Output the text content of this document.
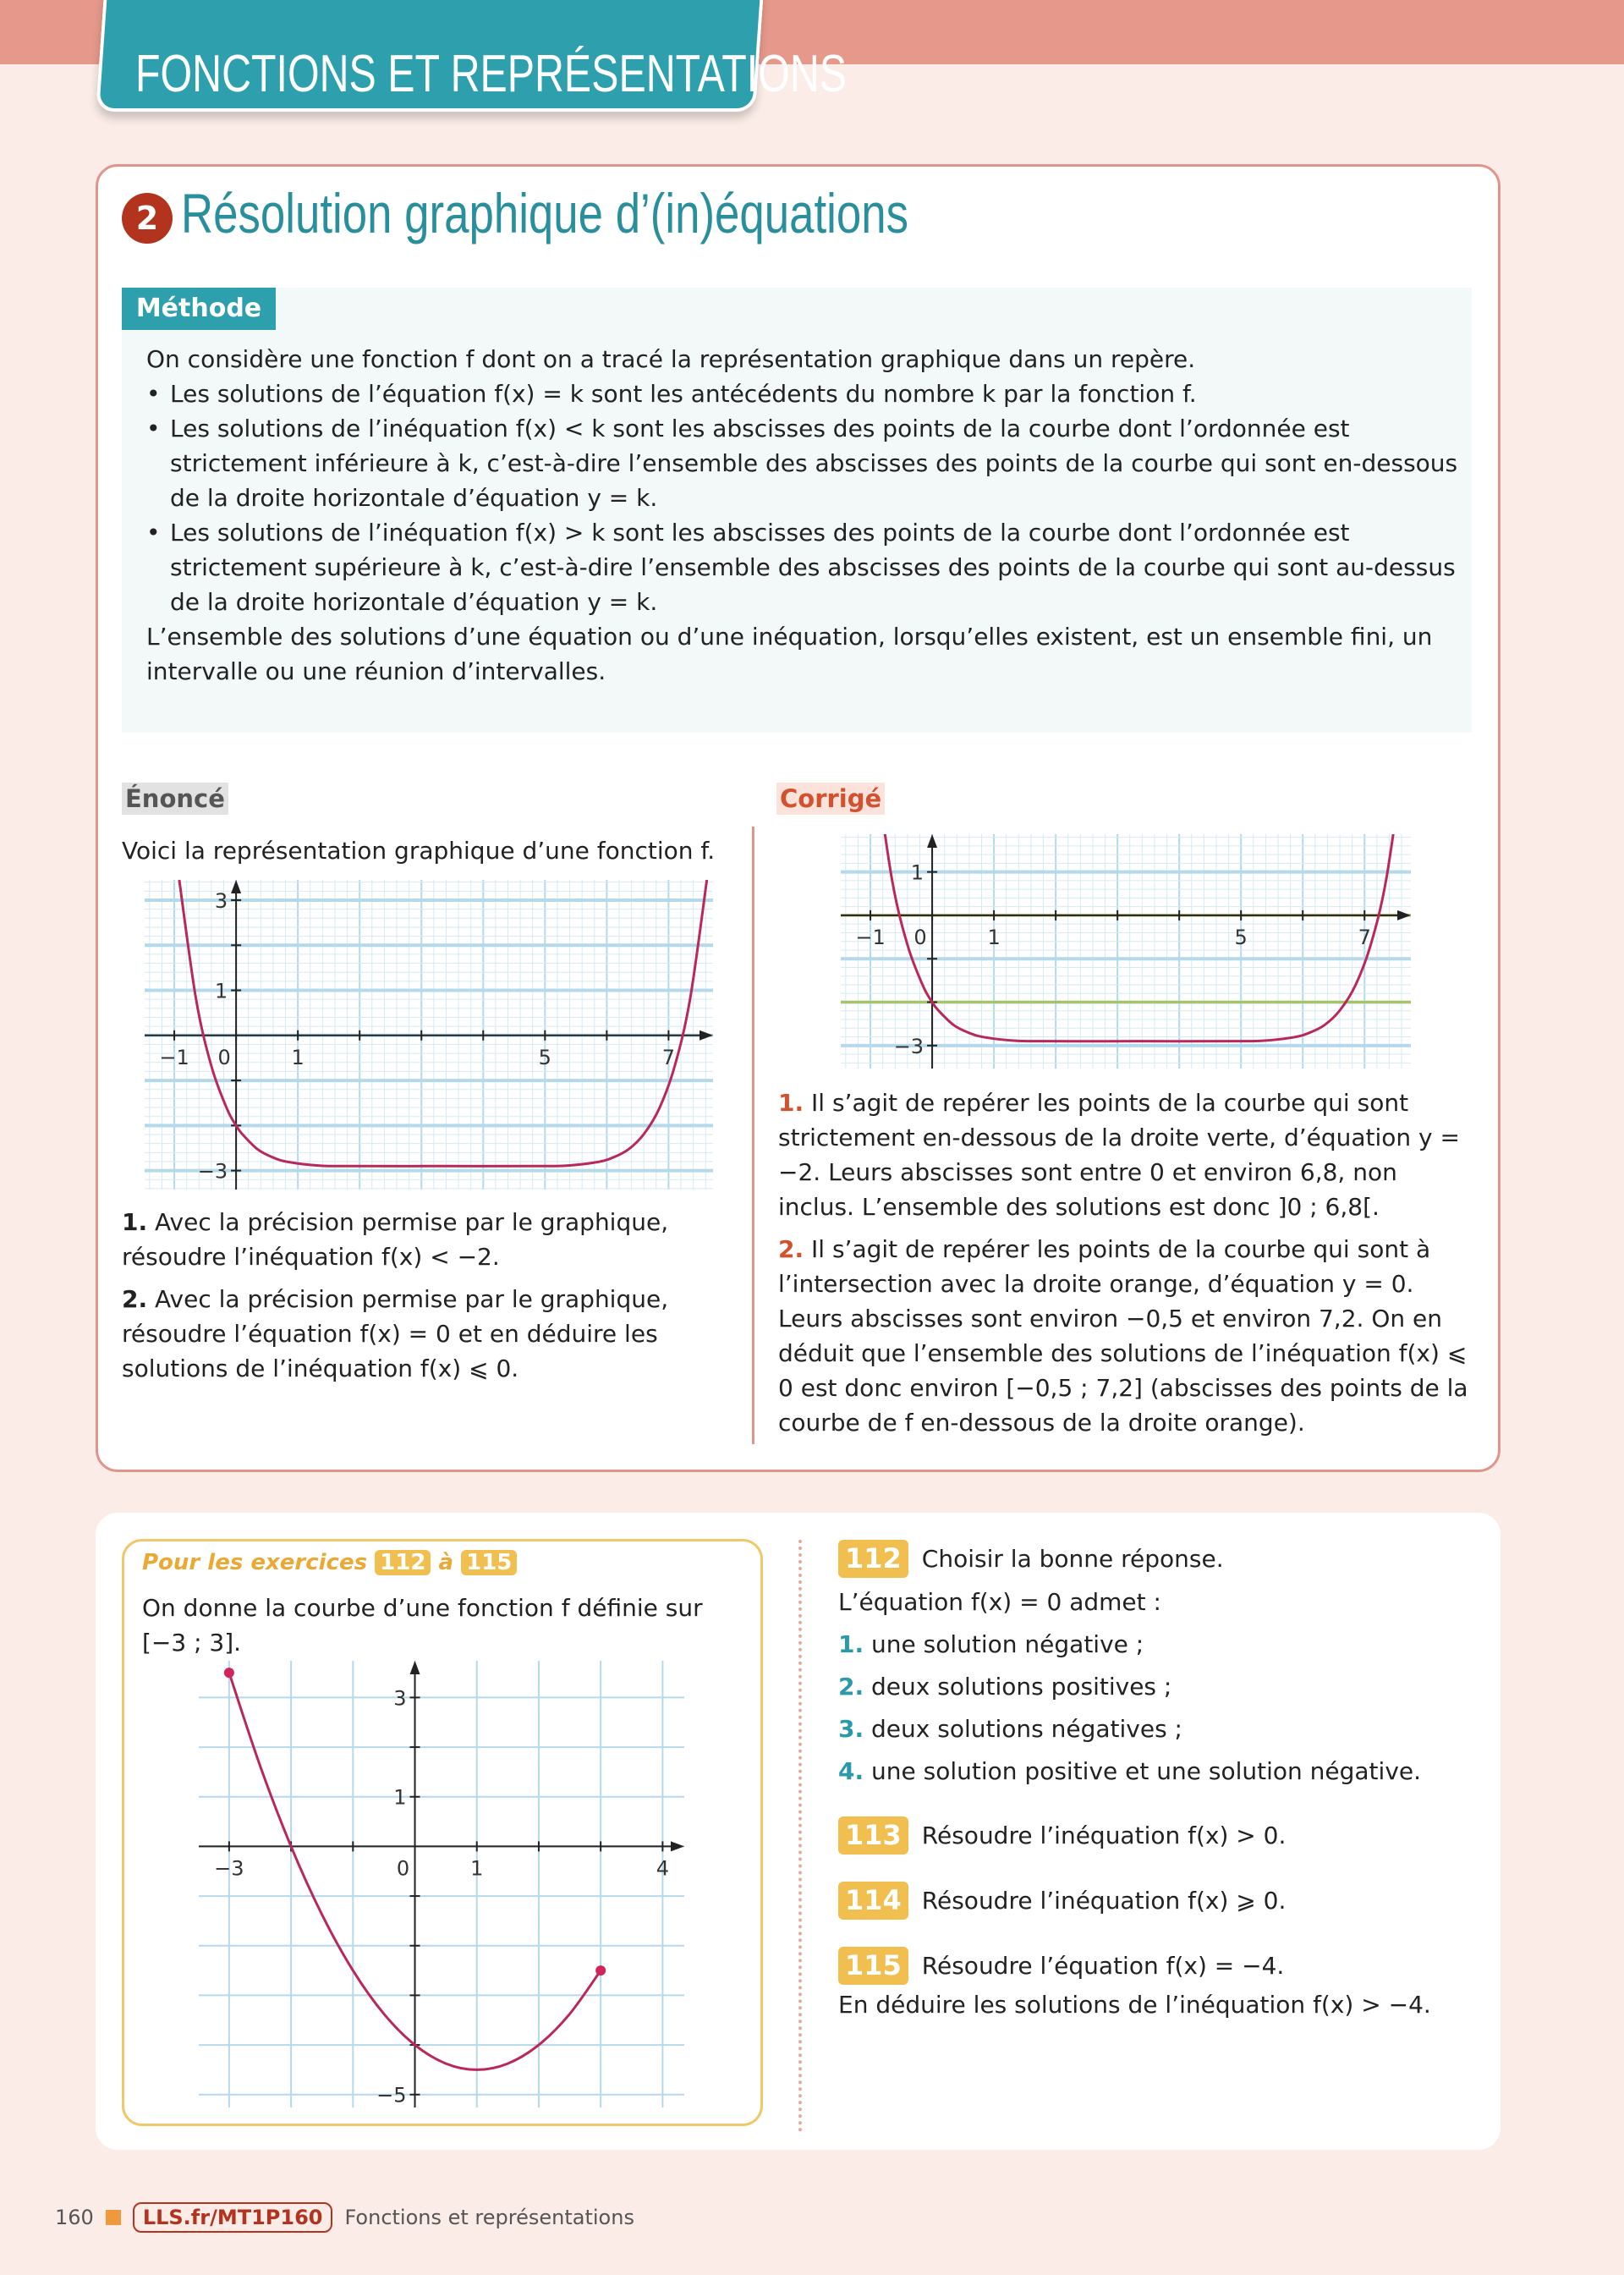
FONCTIONS ET REPRÉSENTATIONS
2 Résolution graphique d’(in)équations
Méthode

On considère une fonction f dont on a tracé la représentation graphique dans un repère.

• Les solutions de l’équation f(x) = k sont les antécédents du nombre k par la fonction f.
• Les solutions de l’inéquation f(x) < k sont les abscisses des points de la courbe dont l’ordonnée est strictement inférieure à k, c’est-à-dire l’ensemble des abscisses des points de la courbe qui sont en-dessous de la droite horizontale d’équation y = k.
• Les solutions de l’inéquation f(x) > k sont les abscisses des points de la courbe dont l’ordonnée est strictement supérieure à k, c’est-à-dire l’ensemble des abscisses des points de la courbe qui sont au-dessus de la droite horizontale d’équation y = k.

L’ensemble des solutions d’une équation ou d’une inéquation, lorsqu’elles existent, est un ensemble fini, un intervalle ou une réunion d’intervalles.

Énoncé	Corrigé

Voici la représentation graphique d’une fonction f.

−1 0	1	5	7
3
1
−3
−1 0	1	5	7
1
−3

1. Avec la précision permise par le graphique, résoudre l’inéquation f(x) < −2.

2. Avec la précision permise par le graphique, résoudre l’équation f(x) = 0 et en déduire les solutions de l’inéquation f(x) ⩽ 0.

1. Il s’agit de repérer les points de la courbe qui sont strictement en-dessous de la droite verte, d’équation y = −2. Leurs abscisses sont entre 0 et environ 6,8, non inclus. L’ensemble des solutions est donc ]0 ; 6,8[.

2. Il s’agit de repérer les points de la courbe qui sont à l’intersection avec la droite orange, d’équation y = 0. Leurs abscisses sont environ −0,5 et environ 7,2. On en déduit que l’ensemble des solutions de l’inéquation f(x) ⩽ 0 est donc environ [−0,5 ; 7,2] (abscisses des points de la courbe de f en-dessous de la droite orange).

Pour les exercices 112 à 115

On donne la courbe d’une fonction f définie sur [−3 ; 3].

−3	0	1	4
3
1
−5
112 Choisir la bonne réponse.

L’équation f(x) = 0 admet :

1. une solution négative ;

2. deux solutions positives ;

3. deux solutions négatives ;

4. une solution positive et une solution négative.

113 Résoudre l’inéquation f(x) > 0.
114 Résoudre l’inéquation f(x) ⩾ 0.
115 Résoudre l’équation f(x) = −4.

En déduire les solutions de l’inéquation f(x) > −4.

160	LLS.fr/MT1P160	Fonctions et représentations
